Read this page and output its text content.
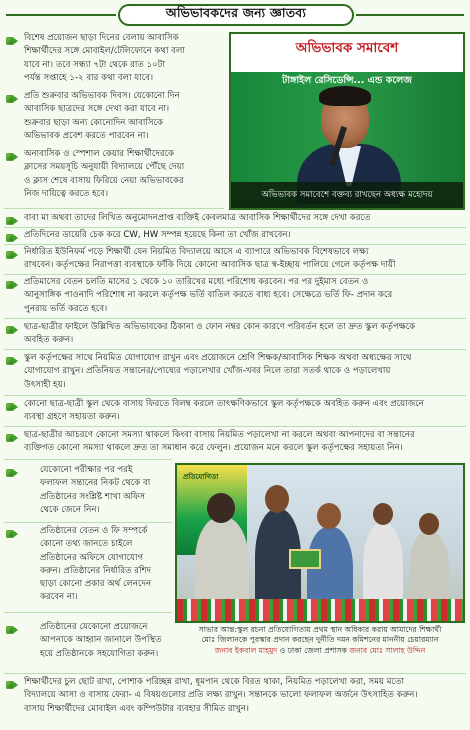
অভিভাবকদের জন্য জ্ঞাতব্য
বিশেষ প্রয়োজন ছাড়া দিনের বেলায় আবাসিক
শিক্ষার্থীদের সঙ্গে মোবাইল/টেলিফোনে কথা বলা
যাবে না। তবে সন্ধ্যা ৭টা থেকে রাত ১০টা
পর্যন্ত সপ্তাহে ১-২ বার কথা বলা যাবে।
প্রতি শুক্রবার অভিভাবক দিবস। যেকোনো দিন
আবাসিক ছাত্রদের সঙ্গে দেখা করা যাবে না।
শুক্রবার ছাড়া অন্য কোনোদিন আবাসিকে
অভিভাবক প্রবেশ করতে পারবেন না।
অনাবাসিক ও স্পেশাল কেয়ার শিক্ষার্থীদেরকে
ক্লাসের সময়সূচি অনুযায়ী বিদ্যালয়ে পৌঁছে দেয়া
ও ক্লাস শেষে বাসায় ফিরিয়ে নেয়া অভিভাবকের
নিজ দায়িত্বে করতে হবে।
অভিভাবক সমাবেশ
টাঙ্গাইল রেসিডেন্সি... এন্ড কলেজ
অভিভাবক সমাবেশে বক্তব্য রাখছেন অধ্যক্ষ মহোদয়
বাবা মা অথবা তাদের লিখিত অনুমোদনপ্রাপ্ত ব্যক্তিই কেবলমাত্র আবাসিক শিক্ষার্থীদের সঙ্গে দেখা করতে
প্রতিদিনের ডায়েরি চেক করে CW, HW সম্পন্ন হয়েছে কিনা তা খোঁজ রাখবেন।
নির্ধারিত ইউনিফর্ম পড়ে শিক্ষার্থী যেন নিয়মিত বিদ্যালয়ে আসে এ ব্যাপারে অভিভাবক বিশেষভাবে লক্ষ্য
রাখবেন। কর্তৃপক্ষের নিরাপত্তা ব্যবস্থাকে ফাঁকি দিয়ে কোনো আবাসিক ছাত্র স্ব-ইচ্ছায় পালিয়ে গেলে কর্তৃপক্ষ দায়ী
প্রতিমাসের বেতন চলতি মাসের ১ থেকে ১০ তারিখের মধ্যে পরিশোধ করবেন। পর পর দুইমাস বেতন ও
আনুসাঙ্গিক পাওনাদি পরিশোধ না করলে কর্তৃপক্ষ ভর্তি বাতিল করতে বাধ্য হবে। সেক্ষেত্রে ভর্তি ফি- প্রদান করে
পুনরায় ভর্তি করতে হবে।
ছাত্র-ছাত্রীর ফাইলে উল্লিখিত অভিভাবকের ঠিকানা ও ফোন নম্বর কোন কারণে পরিবর্তন হলে তা দ্রুত স্কুল কর্তৃপক্ষকে
অবহিত করুন।
স্কুল কর্তৃপক্ষের সাথে নিয়মিত যোগাযোগ রাখুন এবং প্রয়োজনে শ্রেণি শিক্ষক/আবাসিক শিক্ষক অথবা অধ্যক্ষের সাথে
যোগাযোগ রাখুন। প্রতিনিয়ত সন্তানের/পোষ্যের পড়ালেখার খোঁজ-খবর নিলে তারা সতর্ক থাকে ও পড়ালেখায়
উৎসাহী হয়।
কোনো ছাত্র-ছাত্রী স্কুল থেকে বাসায় ফিরতে বিলম্ব করলে তাৎক্ষণিকভাবে স্কুল কর্তৃপক্ষকে অবহিত করুন এবং প্রয়োজনে
ব্যবস্থা গ্রহণে সহায়তা করুন।
ছাত্র-ছাত্রীর আচরণে কোনো সমস্যা থাকলে কিংবা বাসায় নিয়মিত পড়ালেখা না করলে অথবা আপনাদের বা সন্তানের
ব্যক্তিগত কোনো সমস্যা থাকলে দ্রুত তা সমাধান করে ফেলুন। প্রয়োজন মনে করলে স্কুল কর্তৃপক্ষের সহায়তা নিন।
যেকোনো পরীক্ষার পর পরই
ফলাফল সন্তানের নিকট থেকে বা
প্রতিষ্ঠানের সংশ্লিষ্ট শাখা অফিস
থেকে জেনে নিন।
প্রতিষ্ঠানের বেতন ও ফি সম্পর্কে
কোনো তথ্য জানতে চাইলে
প্রতিষ্ঠানের অফিসে যোগাযোগ
করুন। প্রতিষ্ঠানের নির্ধারিত রশিদ
ছাড়া কোনো প্রকার অর্থ লেনদেন
করবেন না।
প্রতিষ্ঠানের যেকোনো প্রয়োজনে
আপনাকে আহ্বান জানালে উপস্থিত
হয়ে প্রতিষ্ঠানকে সহযোগিতা করুন।
প্রতিযোগিতা
সাভার আন্ত:স্কুল রচনা প্রতিযোগিতায় প্রথম স্থান অধিকার করায় আমাদের শিক্ষার্থী
মোঃ জিলানকে পুরস্কার প্রদান করছেন দুর্নীতি দমন কমিশনের মাননীয় চেয়ারম্যান
জনাব ইকবাল মাহমুদ ও ঢাকা জেলা প্রশাসক জনাব মোঃ সালাহ উদ্দিন
শিক্ষার্থীদের চুল ছোট রাখা, পোশাক পরিচ্ছন্ন রাখা, ধূমপান থেকে বিরত থাকা, নিয়মিত পড়ালেখা করা, সময় মতো
বিদ্যালয়ে আসা ও বাসায় ফেরা- এ বিষয়গুলোর প্রতি লক্ষ্য রাখুন। সন্তানকে ভালো ফলাফল অর্জনে উৎসাহিত করুন।
বাসায় শিক্ষার্থীদের মোবাইল এবং কম্পিউটার ব্যবহার সীমিত রাখুন।
